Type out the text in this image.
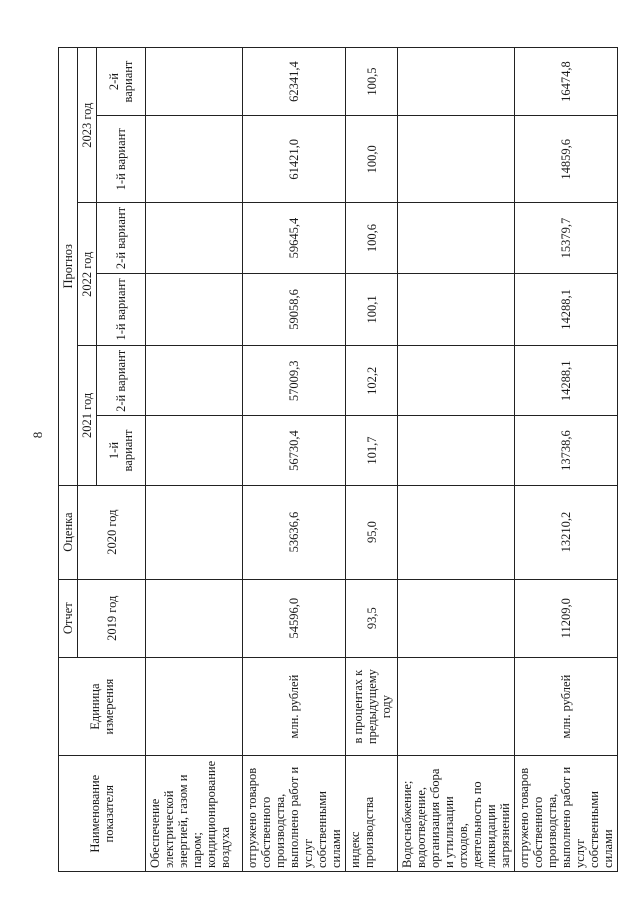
8
Наименование показателя	Единица измерения	Отчет	Оценка	Прогноз					
		2019 год	2020 год	2021 год		2022 год		2023 год	
				1-й вариант	2-й вариант	1-й вариант	2-й вариант	1-й вариант	2-й вариант
Обеспечение электрической энергией, газом и паром; кондиционирование воздуха									
отгружено товаров собственного производства, выполнено работ и услуг собственными силами	млн. рублей	54596,0	53636,6	56730,4	57009,3	59058,6	59645,4	61421,0	62341,4
индекс производства	в процентах к предыдущему году	93,5	95,0	101,7	102,2	100,1	100,6	100,0	100,5
Водоснабжение; водоотведение, организация сбора и утилизации отходов, деятельность по ликвидации загрязнений									
отгружено товаров собственного производства, выполнено работ и услуг собственными силами	млн. рублей	11209,0	13210,2	13738,6	14288,1	14288,1	15379,7	14859,6	16474,8
